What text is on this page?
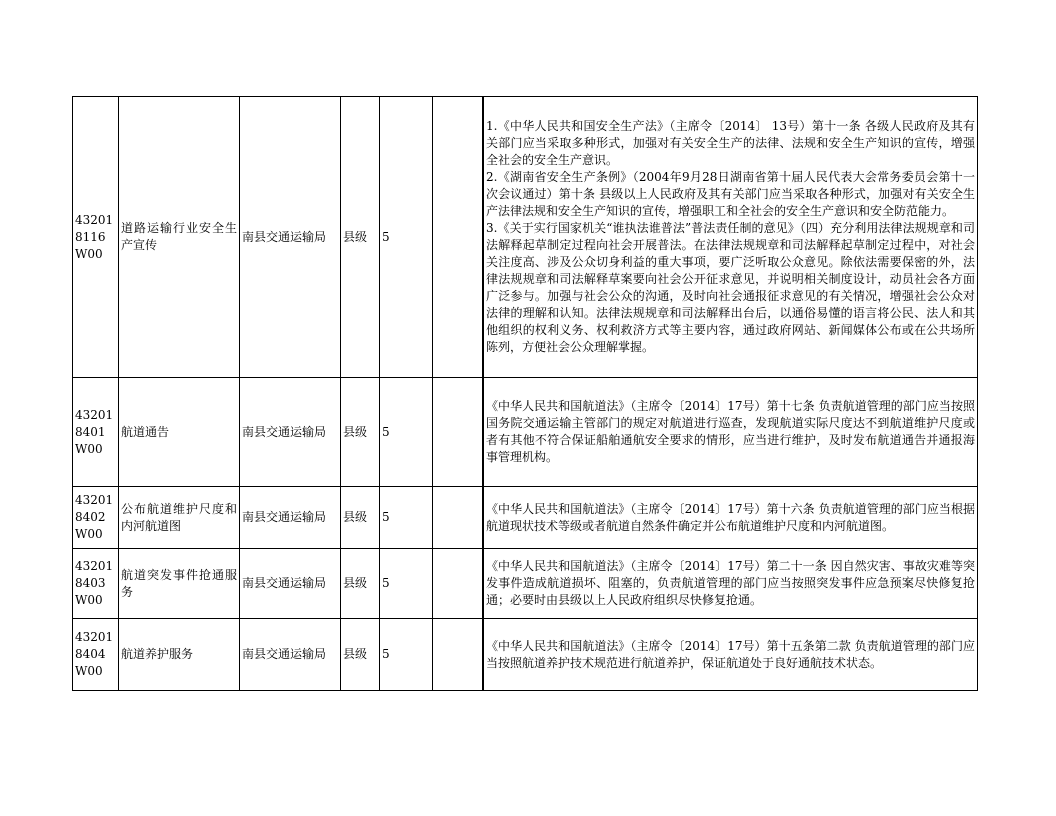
432018116W00	道路运输行业安全生产宣传	南县交通运输局	县级	5		1.《中华人民共和国安全生产法》（主席令〔2014〕 13号）第十一条 各级人民政府及其有关部门应当采取多种形式，加强对有关安全生产的法律、法规和安全生产知识的宣传，增强全社会的安全生产意识。
2.《湖南省安全生产条例》（2004年9月28日湖南省第十届人民代表大会常务委员会第十一次会议通过）第十条 县级以上人民政府及其有关部门应当采取各种形式，加强对有关安全生产法律法规和安全生产知识的宣传，增强职工和全社会的安全生产意识和安全防范能力。
3.《关于实行国家机关“谁执法谁普法”普法责任制的意见》（四）充分利用法律法规规章和司法解释起草制定过程向社会开展普法。在法律法规规章和司法解释起草制定过程中，对社会关注度高、涉及公众切身利益的重大事项，要广泛听取公众意见。除依法需要保密的外，法律法规规章和司法解释草案要向社会公开征求意见，并说明相关制度设计，动员社会各方面广泛参与。加强与社会公众的沟通，及时向社会通报征求意见的有关情况，增强社会公众对法律的理解和认知。法律法规规章和司法解释出台后，以通俗易懂的语言将公民、法人和其他组织的权利义务、权利救济方式等主要内容，通过政府网站、新闻媒体公布或在公共场所陈列，方便社会公众理解掌握。

432018401W00	航道通告	南县交通运输局	县级	5		《中华人民共和国航道法》（主席令〔2014〕17号）第十七条 负责航道管理的部门应当按照国务院交通运输主管部门的规定对航道进行巡查，发现航道实际尺度达不到航道维护尺度或者有其他不符合保证船舶通航安全要求的情形，应当进行维护，及时发布航道通告并通报海事管理机构。

432018402W00	公布航道维护尺度和内河航道图	南县交通运输局	县级	5		《中华人民共和国航道法》（主席令〔2014〕17号）第十六条 负责航道管理的部门应当根据航道现状技术等级或者航道自然条件确定并公布航道维护尺度和内河航道图。

432018403W00	航道突发事件抢通服务	南县交通运输局	县级	5		《中华人民共和国航道法》（主席令〔2014〕17号）第二十一条 因自然灾害、事故灾难等突发事件造成航道损坏、阻塞的，负责航道管理的部门应当按照突发事件应急预案尽快修复抢通；必要时由县级以上人民政府组织尽快修复抢通。

432018404W00	航道养护服务	南县交通运输局	县级	5		《中华人民共和国航道法》（主席令〔2014〕17号）第十五条第二款 负责航道管理的部门应当按照航道养护技术规范进行航道养护，保证航道处于良好通航技术状态。
